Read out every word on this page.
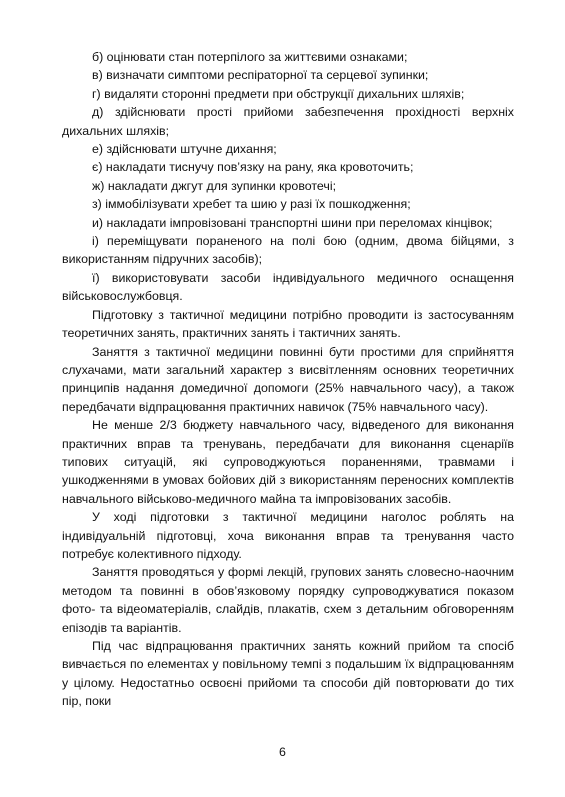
б) оцінювати стан потерпілого за життєвими ознаками;

в) визначати симптоми респіраторної та серцевої зупинки;

г) видаляти сторонні предмети при обструкції дихальних шляхів;

д) здійснювати прості прийоми забезпечення прохідності верхніх дихальних шляхів;

е) здійснювати штучне дихання;

є) накладати тиснучу пов’язку на рану, яка кровоточить;

ж) накладати джгут для зупинки кровотечі;

з) іммобілізувати хребет та шию у разі їх пошкодження;

и) накладати імпровізовані транспортні шини при переломах кінцівок;

і) переміщувати пораненого на полі бою (одним, двома бійцями, з використанням підручних засобів);

ї) використовувати засоби індивідуального медичного оснащення військовослужбовця.

Підготовку з тактичної медицини потрібно проводити із застосуванням теоретичних занять, практичних занять і тактичних занять.

Заняття з тактичної медицини повинні бути простими для сприйняття слухачами, мати загальний характер з висвітленням основних теоретичних принципів надання домедичної допомоги (25% навчального часу), а також передбачати відпрацювання практичних навичок (75% навчального часу).

Не менше 2/3 бюджету навчального часу, відведеного для виконання практичних вправ та тренувань, передбачати для виконання сценаріїв типових ситуацій, які супроводжуються пораненнями, травмами і ушкодженнями в умовах бойових дій з використанням переносних комплектів навчального військово-медичного майна та імпровізованих засобів.

У ході підготовки з тактичної медицини наголос роблять на індивідуальній підготовці, хоча виконання вправ та тренування часто потребує колективного підходу.

Заняття проводяться у формі лекцій, групових занять словесно-наочним методом та повинні в обов’язковому порядку супроводжуватися показом фото- та відеоматеріалів, слайдів, плакатів, схем з детальним обговоренням епізодів та варіантів.

Під час відпрацювання практичних занять кожний прийом та спосіб вивчається по елементах у повільному темпі з подальшим їх відпрацюванням у цілому. Недостатньо освоєні прийоми та способи дій повторювати до тих пір, поки

6
